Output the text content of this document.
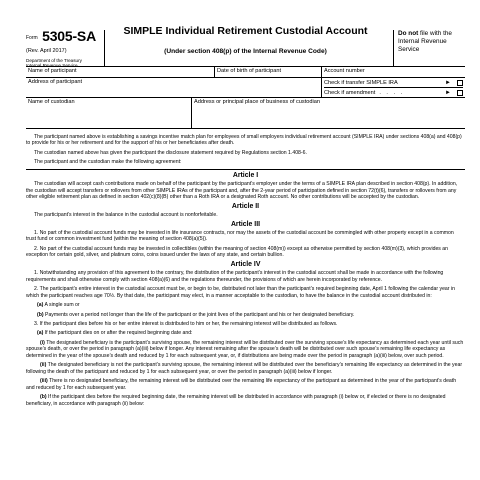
Form 5305-SA
(Rev. April 2017)
Department of the Treasury
Internal Revenue Service
SIMPLE Individual Retirement Custodial Account
(Under section 408(p) of the Internal Revenue Code)
Do not file with the Internal Revenue Service
Name of participant	Date of birth of participant	Account number
Address of participant	Check if transfer SIMPLE IRA	►
Check if amendment . . . .	►
Name of custodian	Address or principal place of business of custodian

The participant named above is establishing a savings incentive match plan for employees of small employers individual retirement account (SIMPLE IRA) under sections 408(a) and 408(p) to provide for his or her retirement and for the support of his or her beneficiaries after death.

The custodian named above has given the participant the disclosure statement required by Regulations section 1.408-6.

The participant and the custodian make the following agreement:

Article I

The custodian will accept cash contributions made on behalf of the participant by the participant’s employer under the terms of a SIMPLE IRA plan described in section 408(p). In addition, the custodian will accept transfers or rollovers from other SIMPLE IRAs of the participant and, after the 2-year period of participation defined in section 72(t)(6), transfers or rollovers from any other eligible retirement plan as defined in section 402(c)(8)(B) other than a Roth IRA or a designated Roth account. No other contributions will be accepted by the custodian.

Article II

The participant’s interest in the balance in the custodial account is nonforfeitable.

Article III

1. No part of the custodial account funds may be invested in life insurance contracts, nor may the assets of the custodial account be commingled with other property except in a common trust fund or common investment fund (within the meaning of section 408(a)(5)).

2. No part of the custodial account funds may be invested in collectibles (within the meaning of section 408(m)) except as otherwise permitted by section 408(m)(3), which provides an exception for certain gold, silver, and platinum coins, coins issued under the laws of any state, and certain bullion.

Article IV

1. Notwithstanding any provision of this agreement to the contrary, the distribution of the participant’s interest in the custodial account shall be made in accordance with the following requirements and shall otherwise comply with section 408(a)(6) and the regulations thereunder, the provisions of which are herein incorporated by reference.

2. The participant’s entire interest in the custodial account must be, or begin to be, distributed not later than the participant’s required beginning date, April 1 following the calendar year in which the participant reaches age 70½. By that date, the participant may elect, in a manner acceptable to the custodian, to have the balance in the custodial account distributed in:

(a) A single sum or

(b) Payments over a period not longer than the life of the participant or the joint lives of the participant and his or her designated beneficiary.

3. If the participant dies before his or her entire interest is distributed to him or her, the remaining interest will be distributed as follows.

(a) If the participant dies on or after the required beginning date and:

(i) The designated beneficiary is the participant’s surviving spouse, the remaining interest will be distributed over the surviving spouse’s life expectancy as determined each year until such spouse’s death, or over the period in paragraph (a)(iii) below if longer. Any interest remaining after the spouse’s death will be distributed over such spouse’s remaining life expectancy as determined in the year of the spouse’s death and reduced by 1 for each subsequent year, or, if distributions are being made over the period in paragraph (a)(iii) below, over such period.

(ii) The designated beneficiary is not the participant’s surviving spouse, the remaining interest will be distributed over the beneficiary’s remaining life expectancy as determined in the year following the death of the participant and reduced by 1 for each subsequent year, or over the period in paragraph (a)(iii) below if longer.

(iii) There is no designated beneficiary, the remaining interest will be distributed over the remaining life expectancy of the participant as determined in the year of the participant’s death and reduced by 1 for each subsequent year.

(b) If the participant dies before the required beginning date, the remaining interest will be distributed in accordance with paragraph (i) below or, if elected or there is no designated beneficiary, in accordance with paragraph (ii) below:
